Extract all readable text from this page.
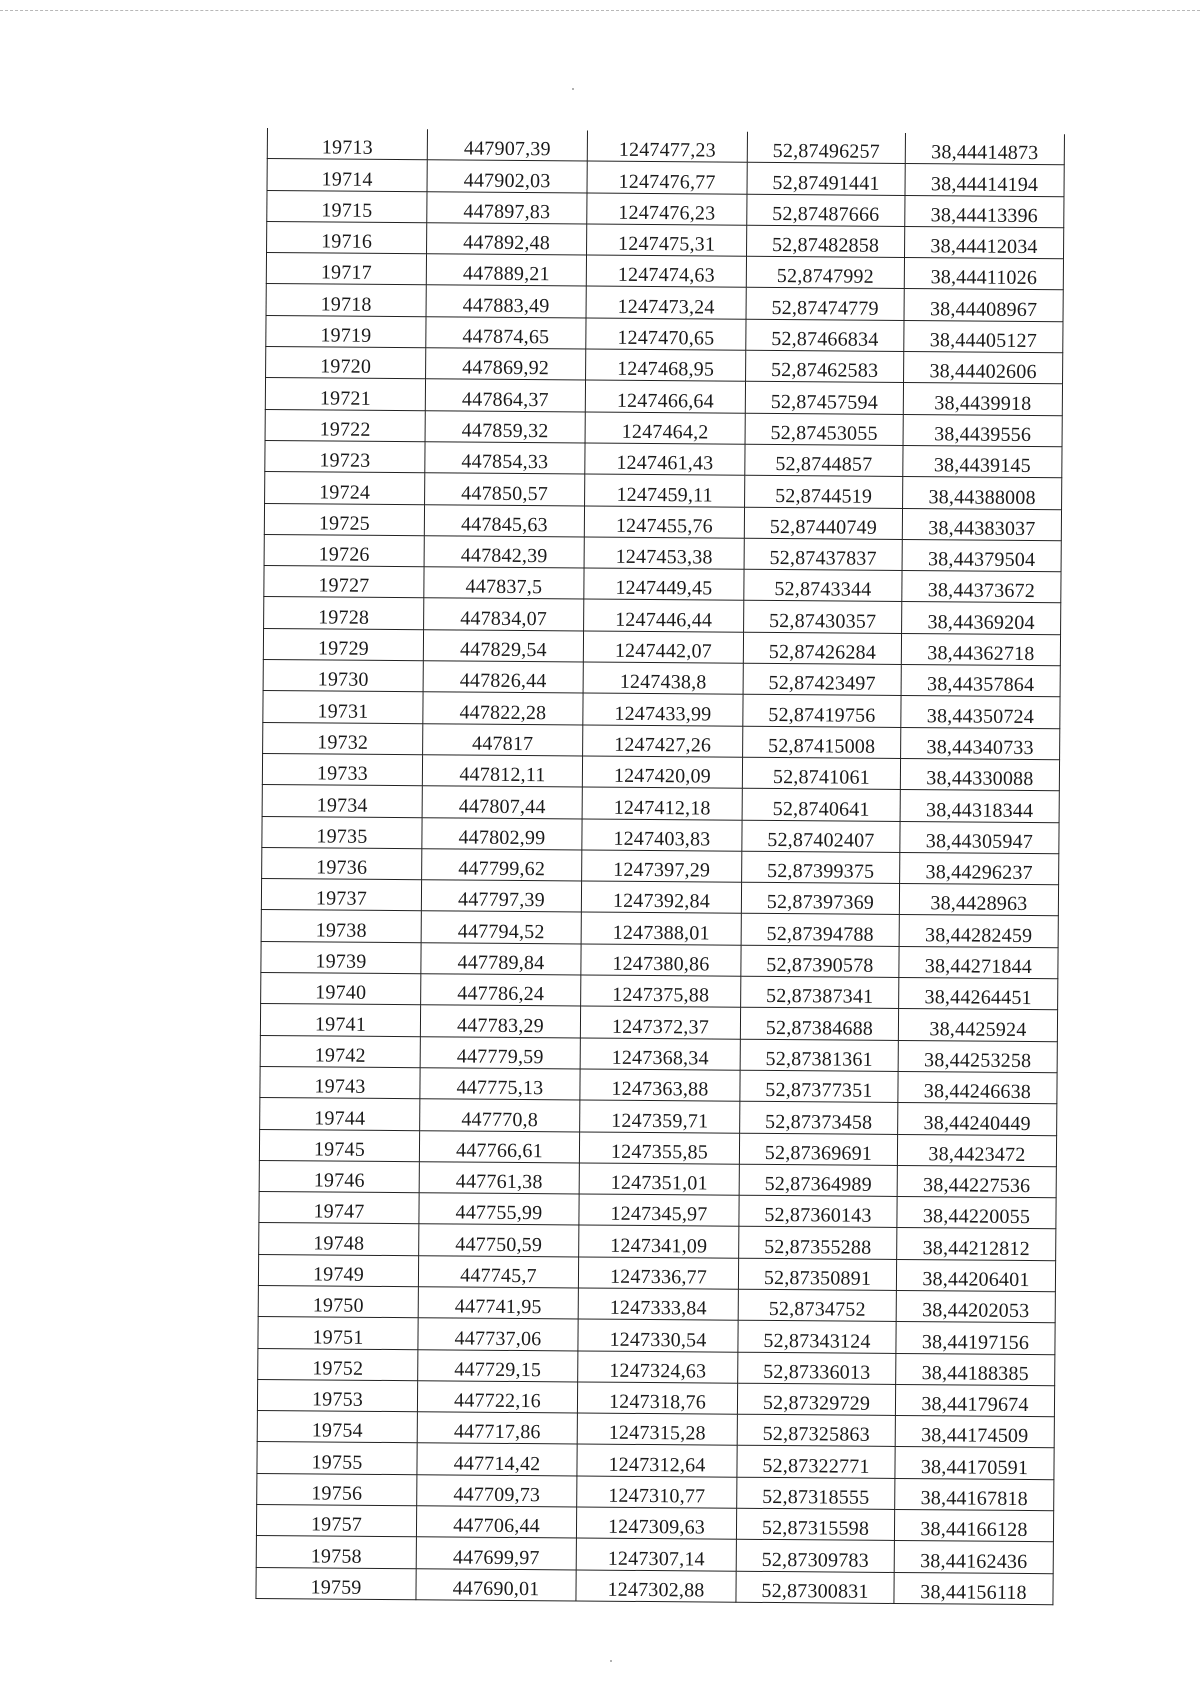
19713	447907,39	1247477,23	52,87496257	38,44414873
19714	447902,03	1247476,77	52,87491441	38,44414194
19715	447897,83	1247476,23	52,87487666	38,44413396
19716	447892,48	1247475,31	52,87482858	38,44412034
19717	447889,21	1247474,63	52,8747992	38,44411026
19718	447883,49	1247473,24	52,87474779	38,44408967
19719	447874,65	1247470,65	52,87466834	38,44405127
19720	447869,92	1247468,95	52,87462583	38,44402606
19721	447864,37	1247466,64	52,87457594	38,4439918
19722	447859,32	1247464,2	52,87453055	38,4439556
19723	447854,33	1247461,43	52,8744857	38,4439145
19724	447850,57	1247459,11	52,8744519	38,44388008
19725	447845,63	1247455,76	52,87440749	38,44383037
19726	447842,39	1247453,38	52,87437837	38,44379504
19727	447837,5	1247449,45	52,8743344	38,44373672
19728	447834,07	1247446,44	52,87430357	38,44369204
19729	447829,54	1247442,07	52,87426284	38,44362718
19730	447826,44	1247438,8	52,87423497	38,44357864
19731	447822,28	1247433,99	52,87419756	38,44350724
19732	447817	1247427,26	52,87415008	38,44340733
19733	447812,11	1247420,09	52,8741061	38,44330088
19734	447807,44	1247412,18	52,8740641	38,44318344
19735	447802,99	1247403,83	52,87402407	38,44305947
19736	447799,62	1247397,29	52,87399375	38,44296237
19737	447797,39	1247392,84	52,87397369	38,4428963
19738	447794,52	1247388,01	52,87394788	38,44282459
19739	447789,84	1247380,86	52,87390578	38,44271844
19740	447786,24	1247375,88	52,87387341	38,44264451
19741	447783,29	1247372,37	52,87384688	38,4425924
19742	447779,59	1247368,34	52,87381361	38,44253258
19743	447775,13	1247363,88	52,87377351	38,44246638
19744	447770,8	1247359,71	52,87373458	38,44240449
19745	447766,61	1247355,85	52,87369691	38,4423472
19746	447761,38	1247351,01	52,87364989	38,44227536
19747	447755,99	1247345,97	52,87360143	38,44220055
19748	447750,59	1247341,09	52,87355288	38,44212812
19749	447745,7	1247336,77	52,87350891	38,44206401
19750	447741,95	1247333,84	52,8734752	38,44202053
19751	447737,06	1247330,54	52,87343124	38,44197156
19752	447729,15	1247324,63	52,87336013	38,44188385
19753	447722,16	1247318,76	52,87329729	38,44179674
19754	447717,86	1247315,28	52,87325863	38,44174509
19755	447714,42	1247312,64	52,87322771	38,44170591
19756	447709,73	1247310,77	52,87318555	38,44167818
19757	447706,44	1247309,63	52,87315598	38,44166128
19758	447699,97	1247307,14	52,87309783	38,44162436
19759	447690,01	1247302,88	52,87300831	38,44156118
